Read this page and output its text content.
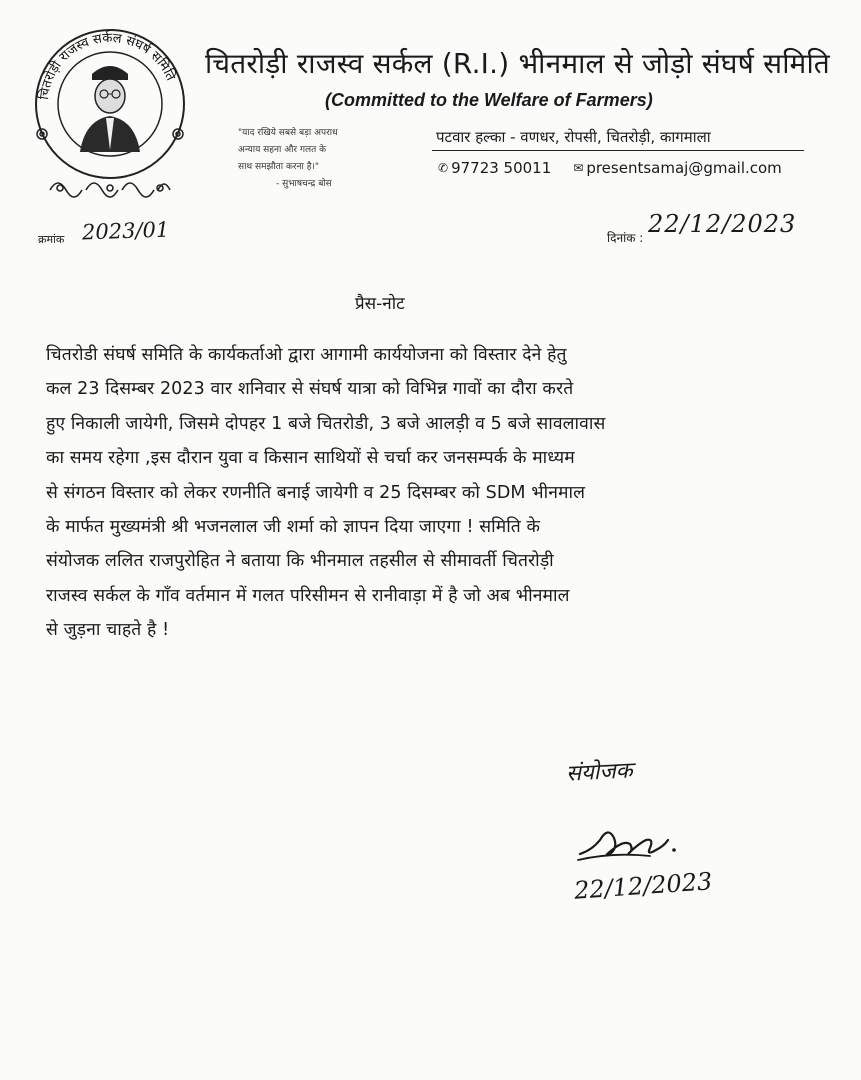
चितरोड़ी राजस्व सर्कल संघर्ष समिति चितरोड़ी राजस्व सर्कल (R.I.) भीनमाल से जोड़ो संघर्ष समिति
(Committed to the Welfare of Farmers)
"याद रखिये सबसे बड़ा अपराध
अन्याय सहना और गलत के
साथ समझौता करना है।"
- सुभाषचन्द्र बोस
पटवार हल्का - वणधर, रोपसी, चितरोड़ी, कागमाला
✆ 97723 50011 ✉ presentsamaj@gmail.com
क्रमांक 2023/01	दिनांक : 22/12/2023
प्रैस-नोट
चितरोडी संघर्ष समिति के कार्यकर्ताओ द्वारा आगामी कार्ययोजना को विस्तार देने हेतु
कल 23 दिसम्बर 2023 वार शनिवार से संघर्ष यात्रा को विभिन्न गावों का दौरा करते
हुए निकाली जायेगी, जिसमे दोपहर 1 बजे चितरोडी, 3 बजे आलड़ी व 5 बजे सावलावास
का समय रहेगा ,इस दौरान युवा व किसान साथियों से चर्चा कर जनसम्पर्क के माध्यम
से संगठन विस्तार को लेकर रणनीति बनाई जायेगी व 25 दिसम्बर को SDM भीनमाल
के मार्फत मुख्यमंत्री श्री भजनलाल जी शर्मा को ज्ञापन दिया जाएगा ! समिति के
संयोजक ललित राजपुरोहित ने बताया कि भीनमाल तहसील से सीमावर्ती चितरोड़ी
राजस्व सर्कल के गाँव वर्तमान में गलत परिसीमन से रानीवाड़ा में है जो अब भीनमाल
से जुड़ना चाहते है !
संयोजक
22/12/2023
